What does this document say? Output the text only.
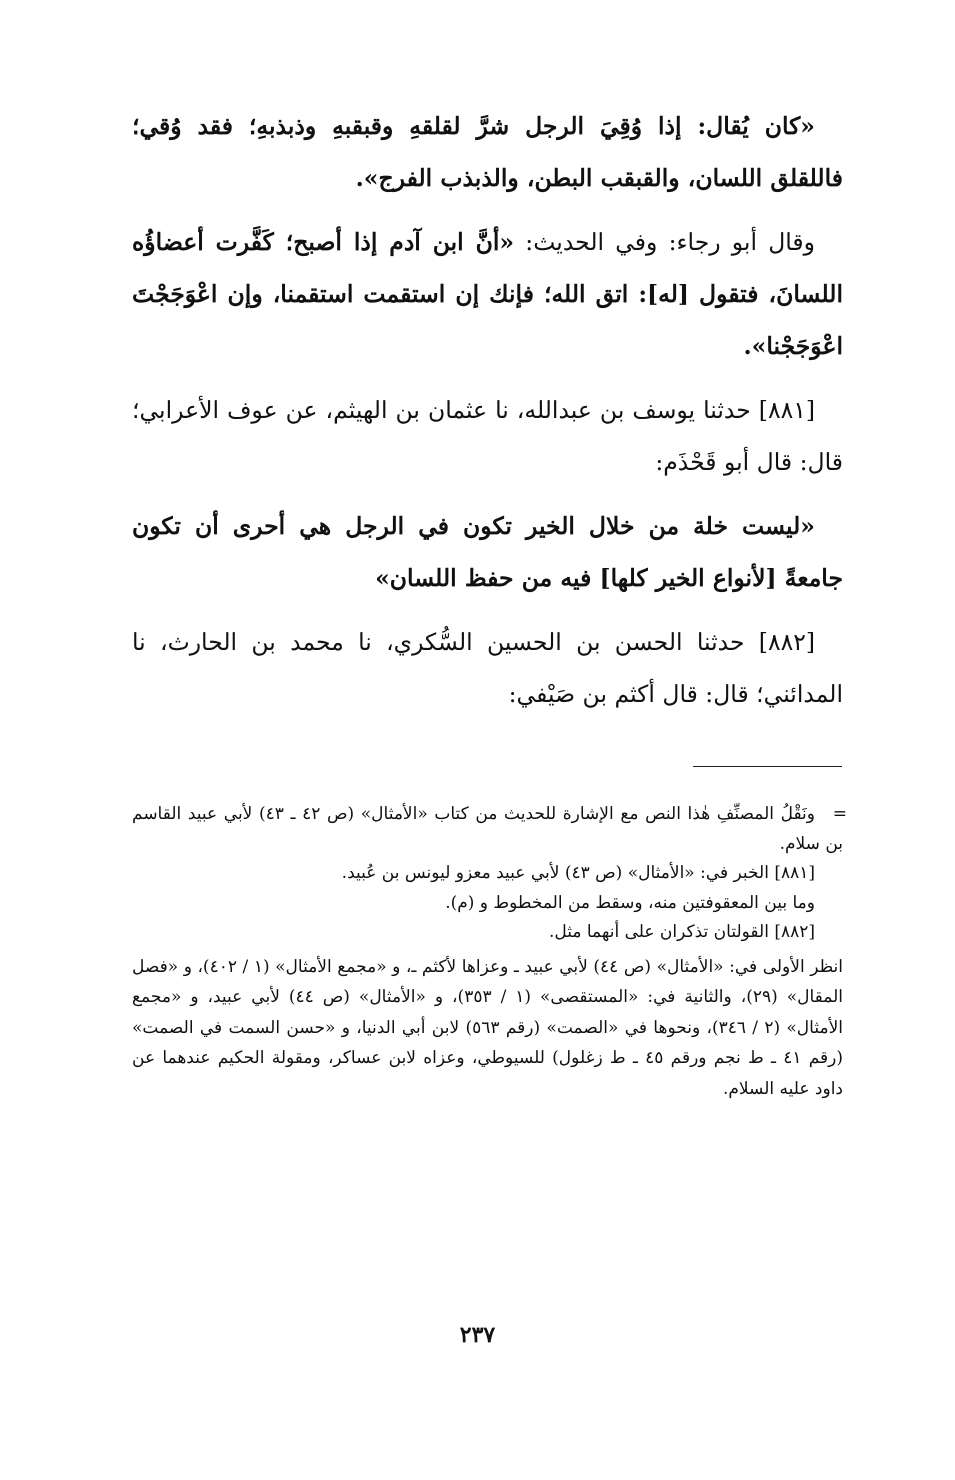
«كان يُقال: إذا وُقِيَ الرجل شرَّ لقلقهِ وقبقبهِ وذبذبهِ؛ فقد وُقي؛ فاللقلق اللسان، والقبقب البطن، والذبذب الفرج».

وقال أبو رجاء: وفي الحديث: «أنَّ ابن آدم إذا أصبح؛ كَفَّرت أعضاؤُه اللسانَ، فتقول [له]: اتق الله؛ فإنك إن استقمت استقمنا، وإن اعْوَجَجْتَ اعْوَجَجْنا».

[٨٨١] حدثنا يوسف بن عبدالله، نا عثمان بن الهيثم، عن عوف الأعرابي؛ قال: قال أبو قَحْذَم:

«ليست خلة من خلال الخير تكون في الرجل هي أحرى أن تكون جامعةً [لأنواع الخير كلها] فيه من حفظ اللسان»

[٨٨٢] حدثنا الحسن بن الحسين السُّكري، نا محمد بن الحارث، نا المدائني؛ قال: قال أكثم بن صَيْفي:

=
ونَقْلُ المصنِّفِ هٰذا النص مع الإشارة للحديث من كتاب «الأمثال» (ص ٤٢ ـ ٤٣) لأبي عبيد القاسم بن سلام.

[٨٨١] الخبر في: «الأمثال» (ص ٤٣) لأبي عبيد معزو ليونس بن عُبيد.

وما بين المعقوفتين منه، وسقط من المخطوط و (م).

[٨٨٢] القولتان تذكران على أنهما مثل.

انظر الأولى في: «الأمثال» (ص ٤٤) لأبي عبيد ـ وعزاها لأكثم ـ، و «مجمع الأمثال» (١ / ٤٠٢)، و «فصل المقال» (٢٩)، والثانية في: «المستقصى» (١ / ٣٥٣)، و «الأمثال» (ص ٤٤) لأبي عبيد، و «مجمع الأمثال» (٢ / ٣٤٦)، ونحوها في «الصمت» (رقم ٥٦٣) لابن أبي الدنيا، و «حسن السمت في الصمت» (رقم ٤١ ـ ط نجم ورقم ٤٥ ـ ط زغلول) للسيوطي، وعزاه لابن عساكر، ومقولة الحكيم عندهما عن داود عليه السلام.

٢٣٧
